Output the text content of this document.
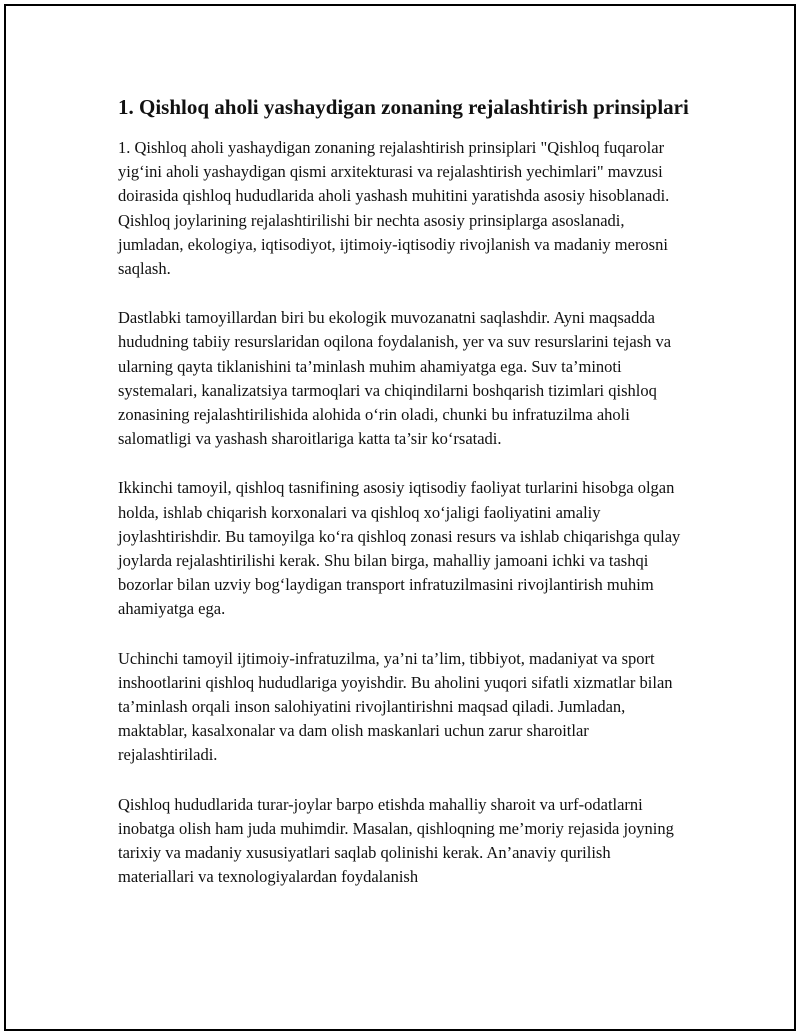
1. Qishloq aholi yashaydigan zonaning rejalashtirish prinsiplari

1. Qishloq aholi yashaydigan zonaning rejalashtirish prinsiplari "Qishloq fuqarolar yig‘ini aholi yashaydigan qismi arxitekturasi va rejalashtirish yechimlari" mavzusi doirasida qishloq hududlarida aholi yashash muhitini yaratishda asosiy hisoblanadi. Qishloq joylarining rejalashtirilishi bir nechta asosiy prinsiplarga asoslanadi, jumladan, ekologiya, iqtisodiyot, ijtimoiy-iqtisodiy rivojlanish va madaniy merosni saqlash.

Dastlabki tamoyillardan biri bu ekologik muvozanatni saqlashdir. Ayni maqsadda hududning tabiiy resurslaridan oqilona foydalanish, yer va suv resurslarini tejash va ularning qayta tiklanishini ta’minlash muhim ahamiyatga ega. Suv ta’minoti systemalari, kanalizatsiya tarmoqlari va chiqindilarni boshqarish tizimlari qishloq zonasining rejalashtirilishida alohida o‘rin oladi, chunki bu infratuzilma aholi salomatligi va yashash sharoitlariga katta ta’sir ko‘rsatadi.

Ikkinchi tamoyil, qishloq tasnifining asosiy iqtisodiy faoliyat turlarini hisobga olgan holda, ishlab chiqarish korxonalari va qishloq xo‘jaligi faoliyatini amaliy joylashtirishdir. Bu tamoyilga ko‘ra qishloq zonasi resurs va ishlab chiqarishga qulay joylarda rejalashtirilishi kerak. Shu bilan birga, mahalliy jamoani ichki va tashqi bozorlar bilan uzviy bog‘laydigan transport infratuzilmasini rivojlantirish muhim ahamiyatga ega.

Uchinchi tamoyil ijtimoiy-infratuzilma, ya’ni ta’lim, tibbiyot, madaniyat va sport inshootlarini qishloq hududlariga yoyishdir. Bu aholini yuqori sifatli xizmatlar bilan ta’minlash orqali inson salohiyatini rivojlantirishni maqsad qiladi. Jumladan, maktablar, kasalxonalar va dam olish maskanlari uchun zarur sharoitlar rejalashtiriladi.

Qishloq hududlarida turar-joylar barpo etishda mahalliy sharoit va urf-odatlarni inobatga olish ham juda muhimdir. Masalan, qishloqning me’moriy rejasida joyning tarixiy va madaniy xususiyatlari saqlab qolinishi kerak. An’anaviy qurilish materiallari va texnologiyalardan foydalanish
